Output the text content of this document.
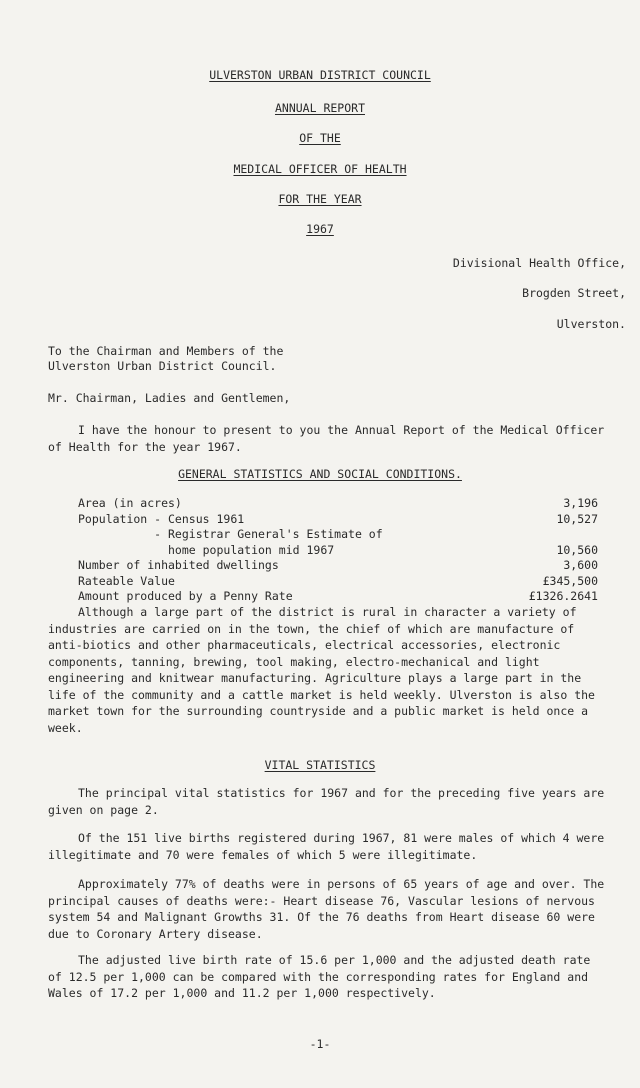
ULVERSTON URBAN DISTRICT COUNCIL
ANNUAL REPORT
OF THE
MEDICAL OFFICER OF HEALTH
FOR THE YEAR
1967
Divisional Health Office,
Brogden Street,
Ulverston.
To the Chairman and Members of the
Ulverston Urban District Council.
Mr. Chairman, Ladies and Gentlemen,

I have the honour to present to you the Annual Report of the Medical Officer of Health for the year 1967.

GENERAL STATISTICS AND SOCIAL CONDITIONS.
Area (in acres)	3,196
Population - Census 1961	10,527
- Registrar General's Estimate of
home population mid 1967	10,560
Number of inhabited dwellings	3,600
Rateable Value	£345,500
Amount produced by a Penny Rate	£1326.2641

Although a large part of the district is rural in character a variety of industries are carried on in the town, the chief of which are manufacture of anti-biotics and other pharmaceuticals, electrical accessories, electronic components, tanning, brewing, tool making, electro-mechanical and light engineering and knitwear manufacturing. Agriculture plays a large part in the life of the community and a cattle market is held weekly. Ulverston is also the market town for the surrounding countryside and a public market is held once a week.

VITAL STATISTICS

The principal vital statistics for 1967 and for the preceding five years are given on page 2.

Of the 151 live births registered during 1967, 81 were males of which 4 were illegitimate and 70 were females of which 5 were illegitimate.

Approximately 77% of deaths were in persons of 65 years of age and over. The principal causes of deaths were:- Heart disease 76, Vascular lesions of nervous system 54 and Malignant Growths 31. Of the 76 deaths from Heart disease 60 were due to Coronary Artery disease.

The adjusted live birth rate of 15.6 per 1,000 and the adjusted death rate of 12.5 per 1,000 can be compared with the corresponding rates for England and Wales of 17.2 per 1,000 and 11.2 per 1,000 respectively.

-1-
